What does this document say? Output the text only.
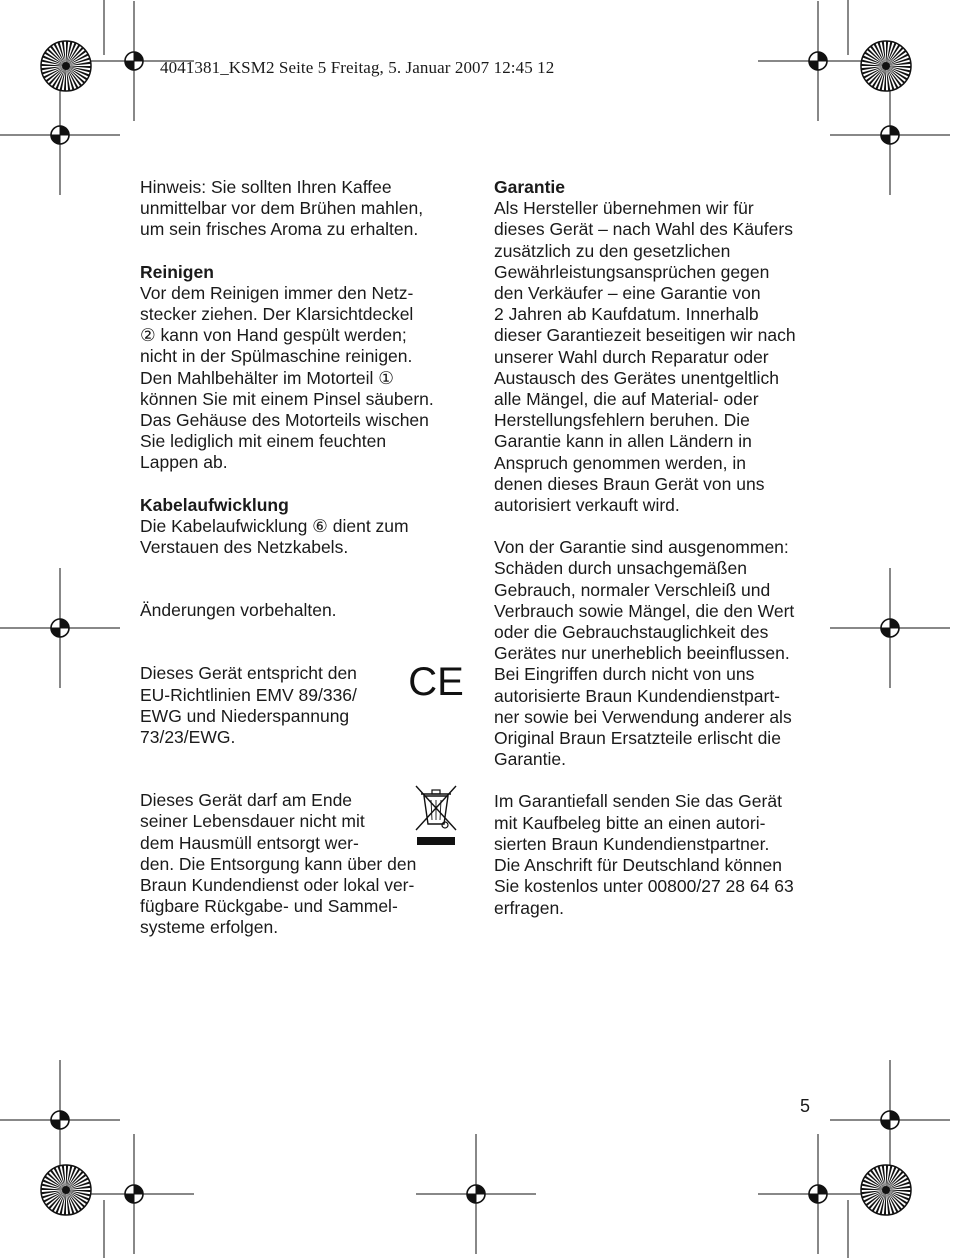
4041381_KSM2 Seite 5 Freitag, 5. Januar 2007 12:45 12
Hinweis: Sie sollten Ihren Kaffee
unmittelbar vor dem Brühen mahlen,
um sein frisches Aroma zu erhalten.
Reinigen
Vor dem Reinigen immer den Netz-
stecker ziehen. Der Klarsichtdeckel
② kann von Hand gespült werden;
nicht in der Spülmaschine reinigen.
Den Mahlbehälter im Motorteil ①
können Sie mit einem Pinsel säubern.
Das Gehäuse des Motorteils wischen
Sie lediglich mit einem feuchten
Lappen ab.
Kabelaufwicklung
Die Kabelaufwicklung ⑥ dient zum
Verstauen des Netzkabels.
Änderungen vorbehalten.
Dieses Gerät entspricht den
EU-Richtlinien EMV 89/336/
EWG und Niederspannung
73/23/EWG.
CE
Dieses Gerät darf am Ende
seiner Lebensdauer nicht mit
dem Hausmüll entsorgt wer-
den. Die Entsorgung kann über den
Braun Kundendienst oder lokal ver-
fügbare Rückgabe- und Sammel-
systeme erfolgen.
Garantie
Als Hersteller übernehmen wir für
dieses Gerät – nach Wahl des Käufers
zusätzlich zu den gesetzlichen
Gewährleistungsansprüchen gegen
den Verkäufer – eine Garantie von
2 Jahren ab Kaufdatum. Innerhalb
dieser Garantiezeit beseitigen wir nach
unserer Wahl durch Reparatur oder
Austausch des Gerätes unentgeltlich
alle Mängel, die auf Material- oder
Herstellungsfehlern beruhen. Die
Garantie kann in allen Ländern in
Anspruch genommen werden, in
denen dieses Braun Gerät von uns
autorisiert verkauft wird.
Von der Garantie sind ausgenommen:
Schäden durch unsachgemäßen
Gebrauch, normaler Verschleiß und
Verbrauch sowie Mängel, die den Wert
oder die Gebrauchstauglichkeit des
Gerätes nur unerheblich beeinflussen.
Bei Eingriffen durch nicht von uns
autorisierte Braun Kundendienstpart-
ner sowie bei Verwendung anderer als
Original Braun Ersatzteile erlischt die
Garantie.
Im Garantiefall senden Sie das Gerät
mit Kaufbeleg bitte an einen autori-
sierten Braun Kundendienstpartner.
Die Anschrift für Deutschland können
Sie kostenlos unter 00800/27 28 64 63
erfragen.
5
